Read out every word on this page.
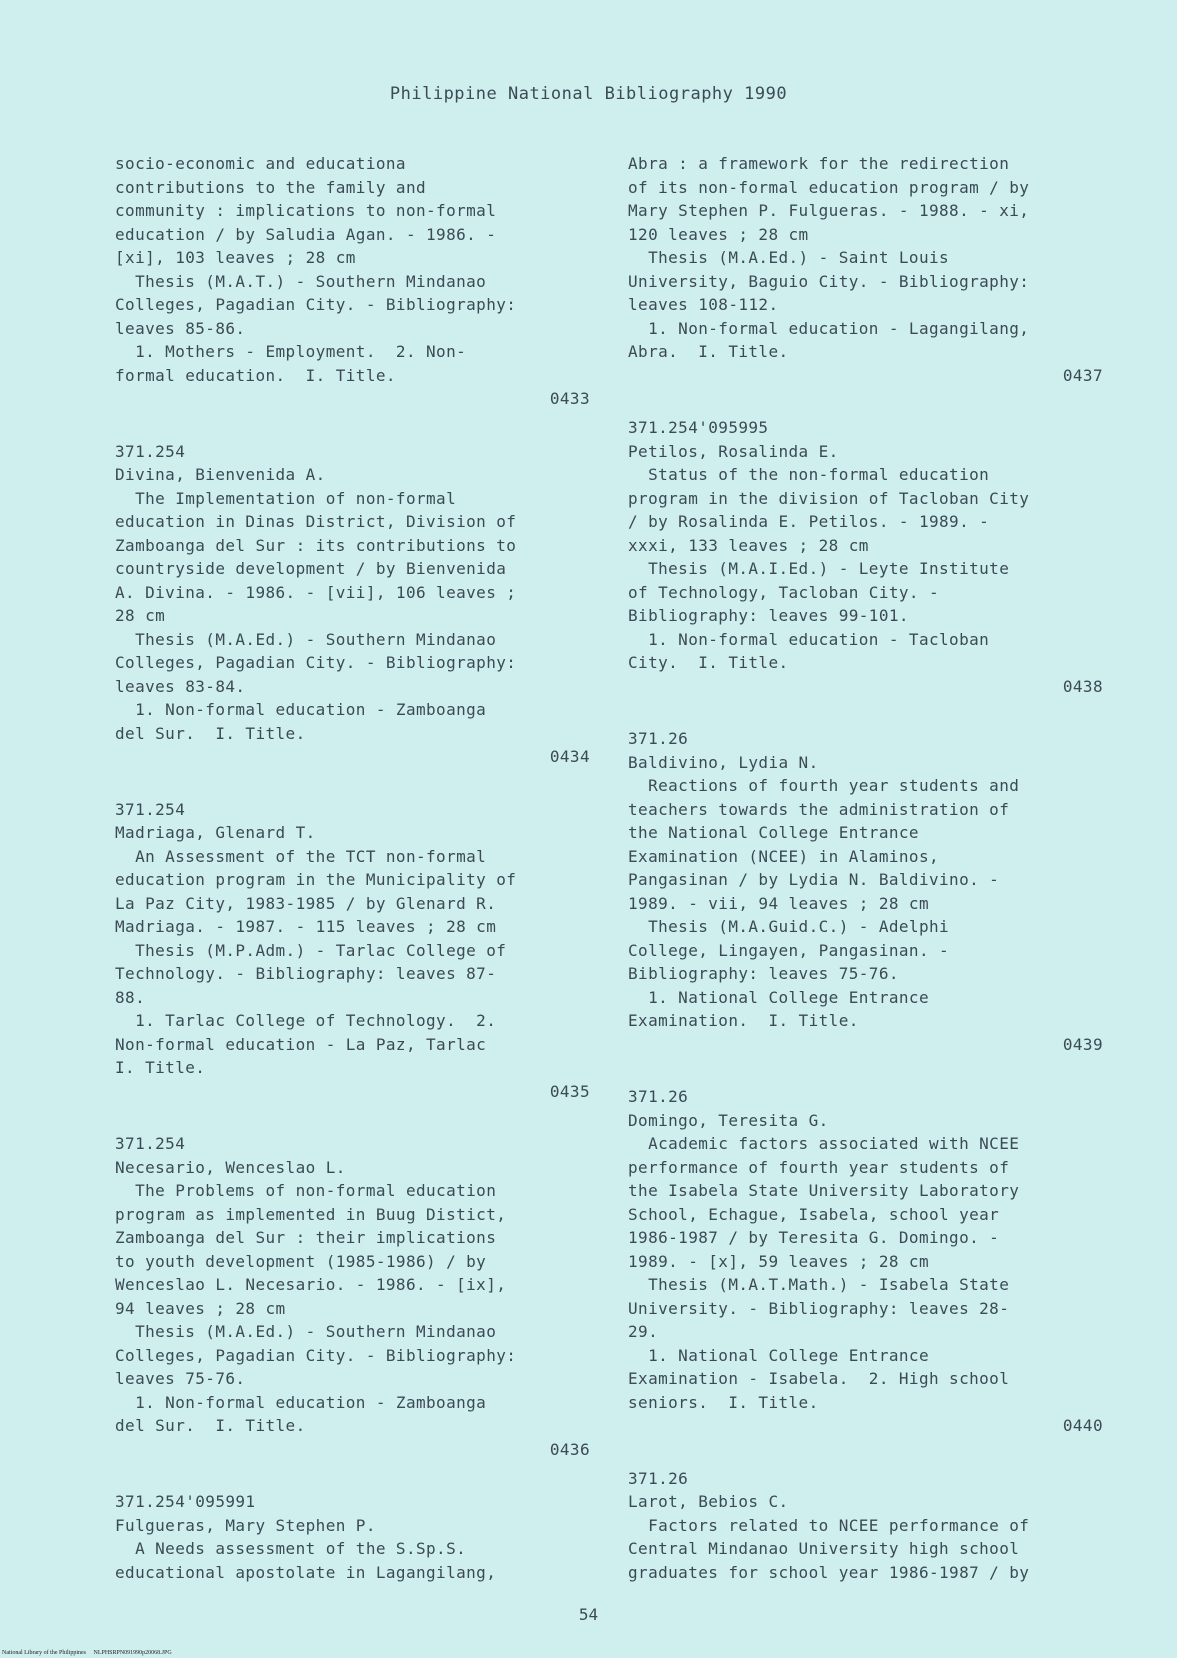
Philippine National Bibliography 1990
socio-economic and educationa
contributions to the family and
community : implications to non-formal
education / by Saludia Agan. - 1986. -
[xi], 103 leaves ; 28 cm
Thesis (M.A.T.) - Southern Mindanao
Colleges, Pagadian City. - Bibliography:
leaves 85-86.
1. Mothers - Employment.  2. Non-
formal education.  I. Title.
0433
371.254
Divina, Bienvenida A.
The Implementation of non-formal
education in Dinas District, Division of
Zamboanga del Sur : its contributions to
countryside development / by Bienvenida
A. Divina. - 1986. - [vii], 106 leaves ;
28 cm
Thesis (M.A.Ed.) - Southern Mindanao
Colleges, Pagadian City. - Bibliography:
leaves 83-84.
1. Non-formal education - Zamboanga
del Sur.  I. Title.
0434
371.254
Madriaga, Glenard T.
An Assessment of the TCT non-formal
education program in the Municipality of
La Paz City, 1983-1985 / by Glenard R.
Madriaga. - 1987. - 115 leaves ; 28 cm
Thesis (M.P.Adm.) - Tarlac College of
Technology. - Bibliography: leaves 87-
88.
1. Tarlac College of Technology.  2.
Non-formal education - La Paz, Tarlac
I. Title.
0435
371.254
Necesario, Wenceslao L.
The Problems of non-formal education
program as implemented in Buug Distict,
Zamboanga del Sur : their implications
to youth development (1985-1986) / by
Wenceslao L. Necesario. - 1986. - [ix],
94 leaves ; 28 cm
Thesis (M.A.Ed.) - Southern Mindanao
Colleges, Pagadian City. - Bibliography:
leaves 75-76.
1. Non-formal education - Zamboanga
del Sur.  I. Title.
0436
371.254'095991
Fulgueras, Mary Stephen P.
A Needs assessment of the S.Sp.S.
educational apostolate in Lagangilang,
Abra : a framework for the redirection
of its non-formal education program / by
Mary Stephen P. Fulgueras. - 1988. - xi,
120 leaves ; 28 cm
Thesis (M.A.Ed.) - Saint Louis
University, Baguio City. - Bibliography:
leaves 108-112.
1. Non-formal education - Lagangilang,
Abra.  I. Title.
0437
371.254'095995
Petilos, Rosalinda E.
Status of the non-formal education
program in the division of Tacloban City
/ by Rosalinda E. Petilos. - 1989. -
xxxi, 133 leaves ; 28 cm
Thesis (M.A.I.Ed.) - Leyte Institute
of Technology, Tacloban City. -
Bibliography: leaves 99-101.
1. Non-formal education - Tacloban
City.  I. Title.
0438
371.26
Baldivino, Lydia N.
Reactions of fourth year students and
teachers towards the administration of
the National College Entrance
Examination (NCEE) in Alaminos,
Pangasinan / by Lydia N. Baldivino. -
1989. - vii, 94 leaves ; 28 cm
Thesis (M.A.Guid.C.) - Adelphi
College, Lingayen, Pangasinan. -
Bibliography: leaves 75-76.
1. National College Entrance
Examination.  I. Title.
0439
371.26
Domingo, Teresita G.
Academic factors associated with NCEE
performance of fourth year students of
the Isabela State University Laboratory
School, Echague, Isabela, school year
1986-1987 / by Teresita G. Domingo. -
1989. - [x], 59 leaves ; 28 cm
Thesis (M.A.T.Math.) - Isabela State
University. - Bibliography: leaves 28-
29.
1. National College Entrance
Examination - Isabela.  2. High school
seniors.  I. Title.
0440
371.26
Larot, Bebios C.
Factors related to NCEE performance of
Central Mindanao University high school
graduates for school year 1986-1987 / by
54
National Library of the Philippines     NLPHSRPN091990p20068.JPG
